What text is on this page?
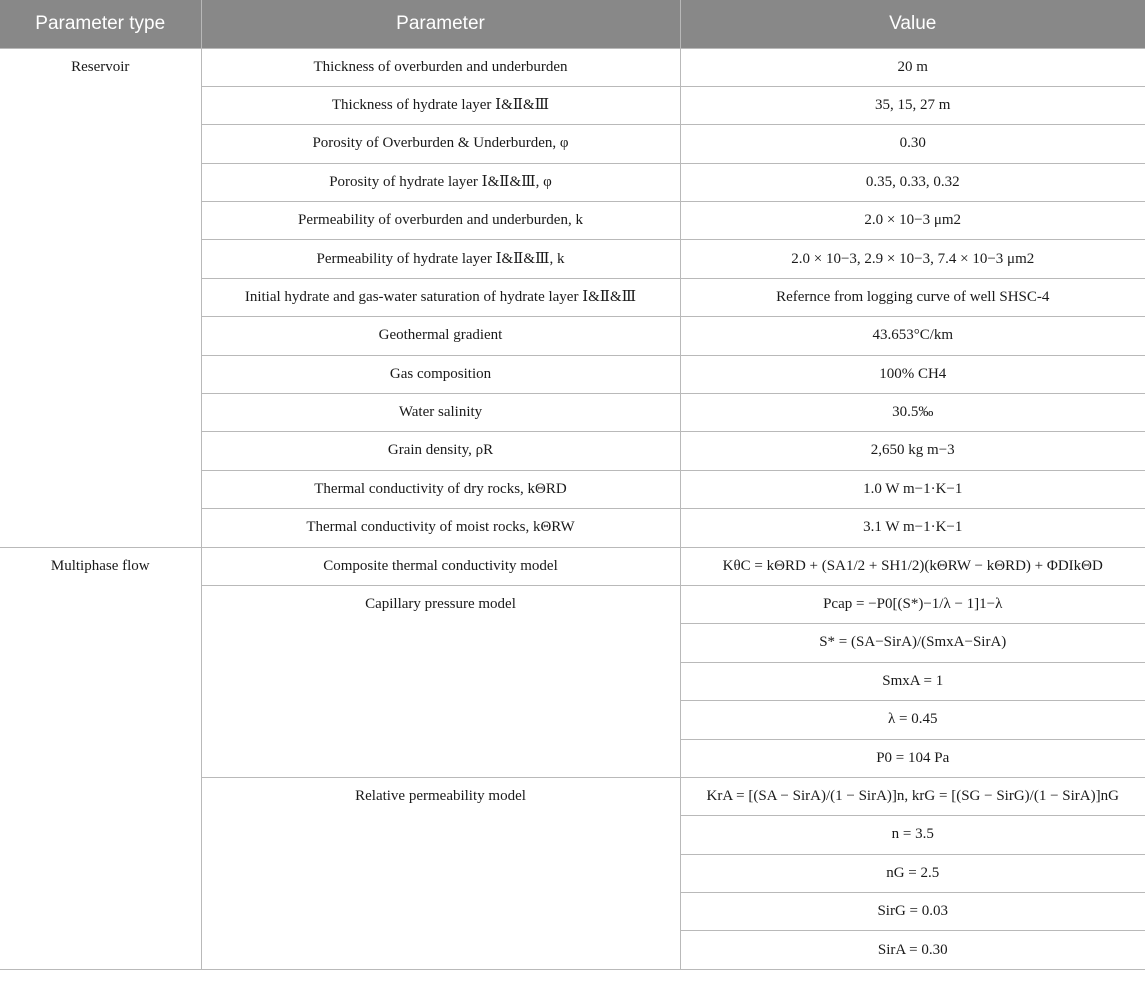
Parameter type	Parameter	Value
Reservoir	Thickness of overburden and underburden	20 m
	Thickness of hydrate layer Ⅰ&Ⅱ&Ⅲ	35, 15, 27 m
	Porosity of Overburden & Underburden, φ	0.30
	Porosity of hydrate layer Ⅰ&Ⅱ&Ⅲ, φ	0.35, 0.33, 0.32
	Permeability of overburden and underburden, k	2.0 × 10−3 μm2
	Permeability of hydrate layer Ⅰ&Ⅱ&Ⅲ, k	2.0 × 10−3, 2.9 × 10−3, 7.4 × 10−3 μm2
	Initial hydrate and gas-water saturation of hydrate layer Ⅰ&Ⅱ&Ⅲ	Refernce from logging curve of well SHSC-4
	Geothermal gradient	43.653°C/km
	Gas composition	100% CH4
	Water salinity	30.5‰
	Grain density, ρR	2,650 kg m−3
	Thermal conductivity of dry rocks, kΘRD	1.0 W m−1·K−1
	Thermal conductivity of moist rocks, kΘRW	3.1 W m−1·K−1
Multiphase flow	Composite thermal conductivity model	KθC = kΘRD + (SA1/2 + SH1/2)(kΘRW − kΘRD) + ΦDIkΘD
	Capillary pressure model	Pcap = −P0[(S*)−1/λ − 1]1−λ
		S* = (SA−SirA)/(SmxA−SirA)
		SmxA = 1
		λ = 0.45
		P0 = 104 Pa
	Relative permeability model	KrA = [(SA − SirA)/(1 − SirA)]n, krG = [(SG − SirG)/(1 − SirA)]nG
		n = 3.5
		nG = 2.5
		SirG = 0.03
		SirA = 0.30
